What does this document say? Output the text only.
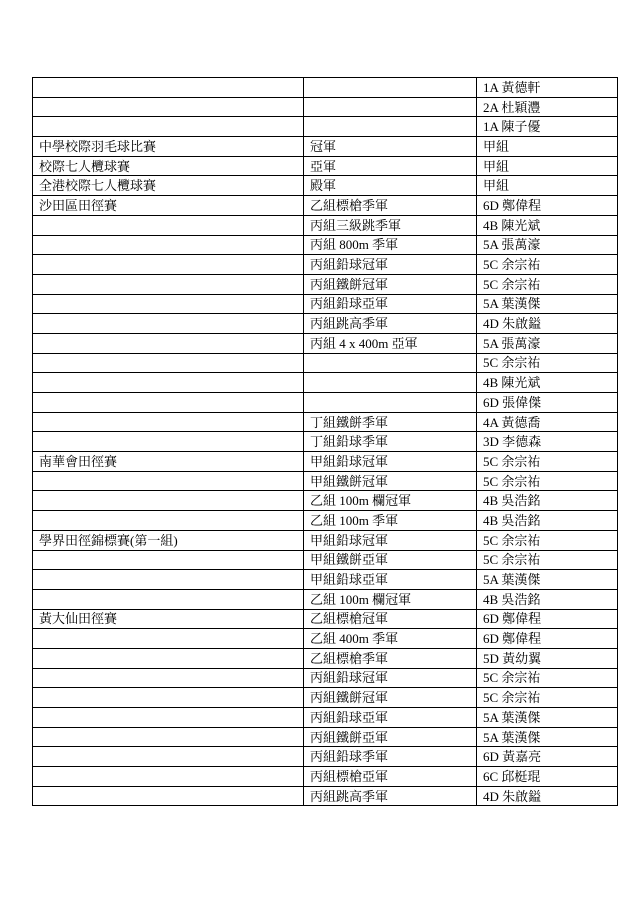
		1A 黃德軒
		2A 杜穎灃
		1A 陳子優
中學校際羽毛球比賽	冠軍	甲組
校際七人欖球賽	亞軍	甲組
全港校際七人欖球賽	殿軍	甲組
沙田區田徑賽	乙組標槍季軍	6D 鄭偉程
	丙組三級跳季軍	4B 陳光斌
	丙組 800m 季軍	5A 張萬濠
	丙組鉛球冠軍	5C 余宗祐
	丙組鐵餅冠軍	5C 余宗祐
	丙組鉛球亞軍	5A 葉漢傑
	丙組跳高季軍	4D 朱啟鎰
	丙組 4 x 400m 亞軍	5A 張萬濠
		5C 余宗祐
		4B 陳光斌
		6D 張偉傑
	丁組鐵餅季軍	4A 黃德喬
	丁組鉛球季軍	3D 李德森
南華會田徑賽	甲組鉛球冠軍	5C 余宗祐
	甲組鐵餅冠軍	5C 余宗祐
	乙組 100m 欄冠軍	4B 吳浩銘
	乙組 100m 季軍	4B 吳浩銘
學界田徑錦標賽(第一組)	甲組鉛球冠軍	5C 余宗祐
	甲組鐵餅亞軍	5C 余宗祐
	甲組鉛球亞軍	5A 葉漢傑
	乙組 100m 欄冠軍	4B 吳浩銘
黃大仙田徑賽	乙組標槍冠軍	6D 鄭偉程
	乙組 400m 季軍	6D 鄭偉程
	乙組標槍季軍	5D 黃幼翼
	丙組鉛球冠軍	5C 余宗祐
	丙組鐵餅冠軍	5C 余宗祐
	丙組鉛球亞軍	5A 葉漢傑
	丙組鐵餅亞軍	5A 葉漢傑
	丙組鉛球季軍	6D 黃嘉亮
	丙組標槍亞軍	6C 邱梃琨
	丙組跳高季軍	4D 朱啟鎰
